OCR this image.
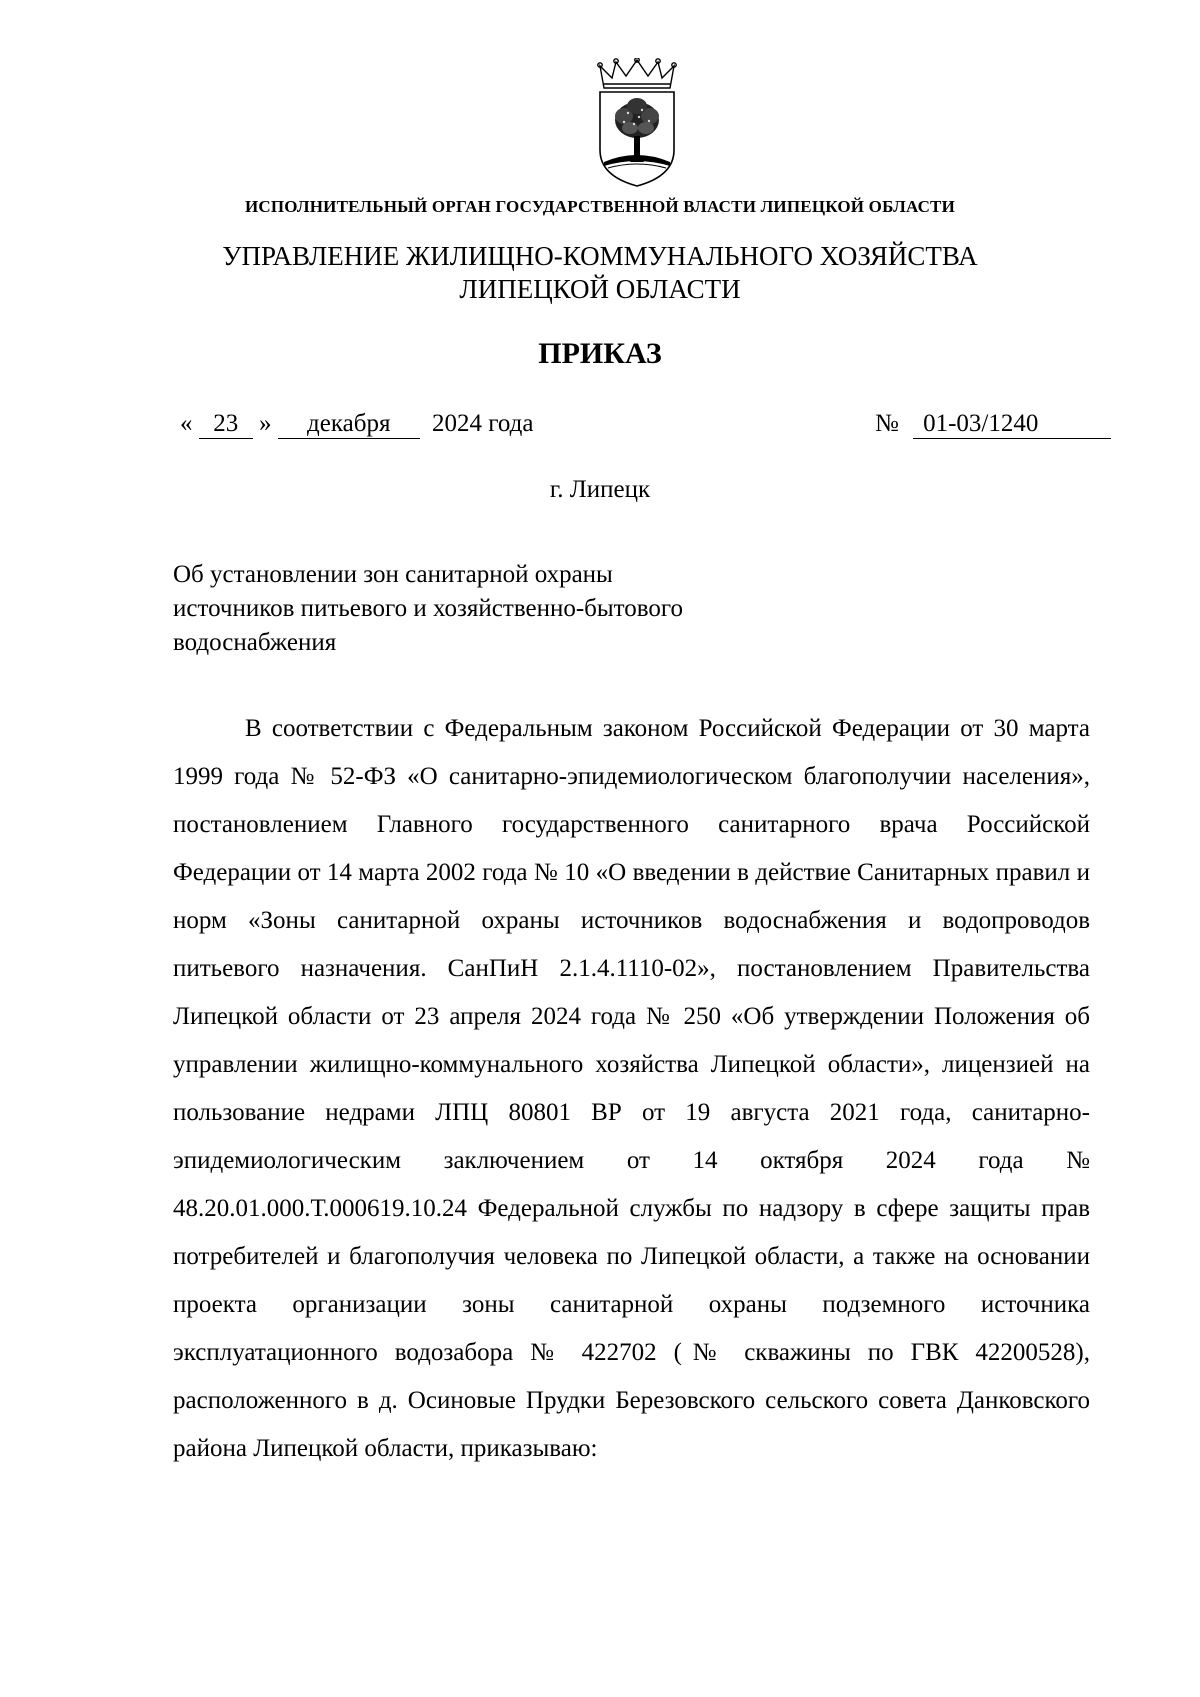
ИСПОЛНИТЕЛЬНЫЙ ОРГАН ГОСУДАРСТВЕННОЙ ВЛАСТИ ЛИПЕЦКОЙ ОБЛАСТИ
УПРАВЛЕНИЕ ЖИЛИЩНО-КОММУНАЛЬНОГО ХОЗЯЙСТВА
ЛИПЕЦКОЙ ОБЛАСТИ
ПРИКАЗ
« 23 » декабря 2024 года	№ 01-03/1240
г. Липецк
Об установлении зон санитарной охраны
источников питьевого и хозяйственно-бытового
водоснабжения

В соответствии с Федеральным законом Российской Федерации от 30 марта 1999 года № 52-ФЗ «О санитарно-эпидемиологическом благополучии населения», постановлением Главного государственного санитарного врача Российской Федерации от 14 марта 2002 года № 10 «О введении в действие Санитарных правил и норм «Зоны санитарной охраны источников водоснабжения и водопроводов питьевого назначения. СанПиН 2.1.4.1110-02», постановлением Правительства Липецкой области от 23 апреля 2024 года № 250 «Об утверждении Положения об управлении жилищно-коммунального хозяйства Липецкой области», лицензией на пользование недрами ЛПЦ 80801 ВР от 19 августа 2021 года, санитарно-эпидемиологическим заключением от 14 октября 2024 года № 48.20.01.000.Т.000619.10.24 Федеральной службы по надзору в сфере защиты прав потребителей и благополучия человека по Липецкой области, а также на основании проекта организации зоны санитарной охраны подземного источника эксплуатационного водозабора № 422702 (№ скважины по ГВК 42200528), расположенного в д. Осиновые Прудки Березовского сельского совета Данковского района Липецкой области, приказываю:
